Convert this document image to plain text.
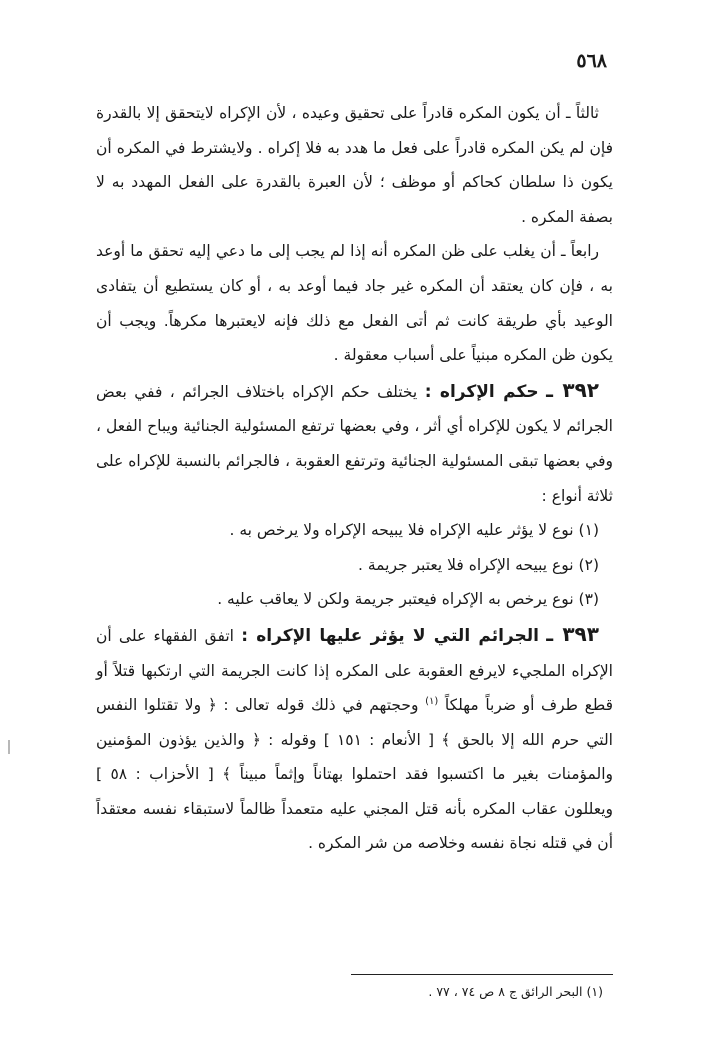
٥٦٨

ثالثاً ـ أن يكون المكره قادراً على تحقيق وعيده ، لأن الإكراه لايتحقق إلا بالقدرة فإن لم يكن المكره قادراً على فعل ما هدد به فلا إكراه . ولايشترط في المكره أن يكون ذا سلطان كحاكم أو موظف ؛ لأن العبرة بالقدرة على الفعل المهدد به لا بصفة المكره .

رابعاً ـ أن يغلب على ظن المكره أنه إذا لم يجب إلى ما دعي إليه تحقق ما أوعد به ، فإن كان يعتقد أن المكره غير جاد فيما أوعد به ، أو كان يستطيع أن يتفادى الوعيد بأي طريقة كانت ثم أتى الفعل مع ذلك فإنه لايعتبرها مكرهاً. ويجب أن يكون ظن المكره مبنياً على أسباب معقولة .

٣٩٢ ـ حكم الإكراه : يختلف حكم الإكراه باختلاف الجرائم ، ففي بعض الجرائم لا يكون للإكراه أي أثر ، وفي بعضها ترتفع المسئولية الجنائية ويباح الفعل ، وفي بعضها تبقى المسئولية الجنائية وترتفع العقوبة ، فالجرائم بالنسبة للإكراه على ثلاثة أنواع :

(١) نوع لا يؤثر عليه الإكراه فلا يبيحه الإكراه ولا يرخص به .

(٢) نوع يبيحه الإكراه فلا يعتبر جريمة .

(٣) نوع يرخص به الإكراه فيعتبر جريمة ولكن لا يعاقب عليه .

٣٩٣ ـ الجرائم التي لا يؤثر عليها الإكراه : اتفق الفقهاء على أن الإكراه الملجيء لايرفع العقوبة على المكره إذا كانت الجريمة التي ارتكبها قتلاً أو قطع طرف أو ضرباً مهلكاً $^{(١)}$ وحجتهم في ذلك قوله تعالى : ﴿ ولا تقتلوا النفس التي حرم الله إلا بالحق ﴾ [ الأنعام : ١٥١ ] وقوله : ﴿ والذين يؤذون المؤمنين والمؤمنات بغير ما اكتسبوا فقد احتملوا بهتاناً وإثماً مبيناً ﴾ [ الأحزاب : ٥٨ ] ويعللون عقاب المكره بأنه قتل المجني عليه متعمداً ظالماً لاستبقاء نفسه معتقداً أن في قتله نجاة نفسه وخلاصه من شر المكره .

(١) البحر الرائق ج ٨ ص ٧٤ ، ٧٧ .
